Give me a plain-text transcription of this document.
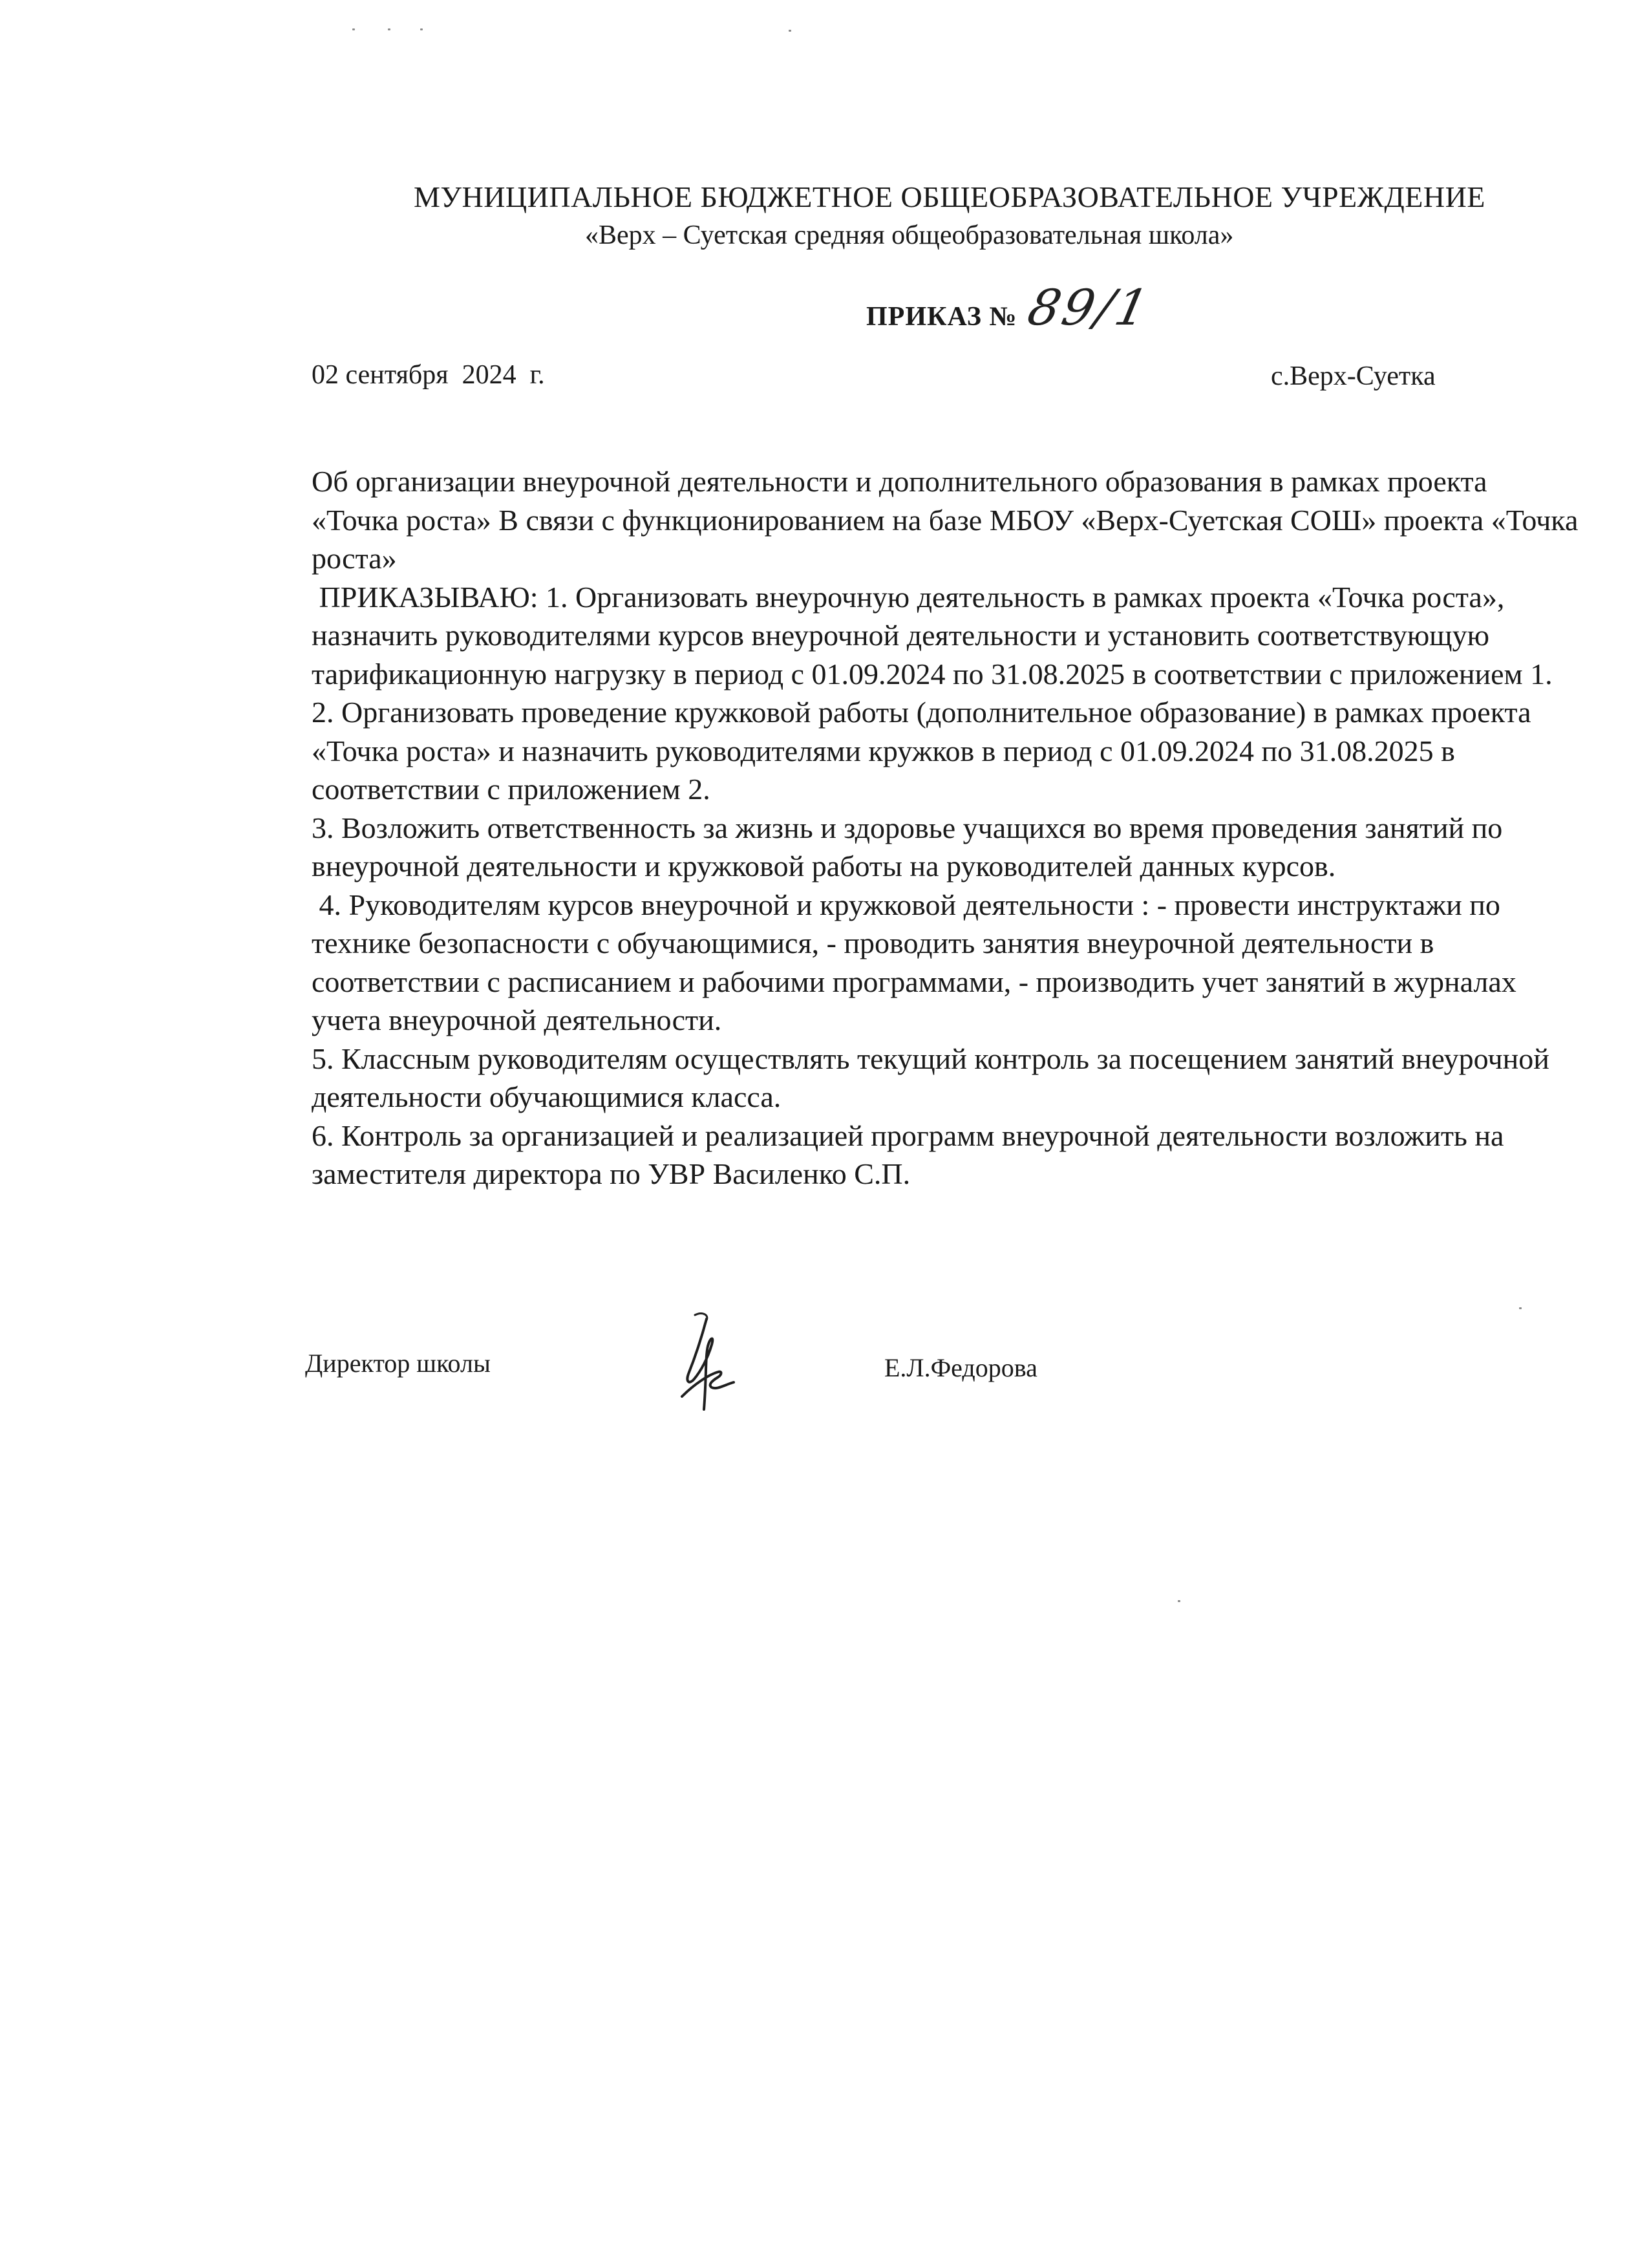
МУНИЦИПАЛЬНОЕ БЮДЖЕТНОЕ ОБЩЕОБРАЗОВАТЕЛЬНОЕ УЧРЕЖДЕНИЕ
«Верх – Суетская средняя общеобразовательная школа»
ПРИКАЗ № 89/1
02 сентября  2024  г.	с.Верх-Суетка

Об организации внеурочной деятельности и дополнительного образования в рамках проекта «Точка роста» В связи с функционированием на базе МБОУ «Верх-Суетская СОШ» проекта «Точка роста»

ПРИКАЗЫВАЮ: 1. Организовать внеурочную деятельность в рамках проекта «Точка роста», назначить руководителями курсов внеурочной деятельности и установить соответствующую тарификационную нагрузку в период с 01.09.2024 по 31.08.2025 в соответствии с приложением 1.

2. Организовать проведение кружковой работы (дополнительное образование) в рамках проекта «Точка роста» и назначить руководителями кружков в период с 01.09.2024 по 31.08.2025 в соответствии с приложением 2.

3. Возложить ответственность за жизнь и здоровье учащихся во время проведения занятий по внеурочной деятельности и кружковой работы на руководителей данных курсов.

4. Руководителям курсов внеурочной и кружковой деятельности : - провести инструктажи по технике безопасности с обучающимися, - проводить занятия внеурочной деятельности в соответствии с расписанием и рабочими программами, - производить учет занятий в журналах учета внеурочной деятельности.

5. Классным руководителям осуществлять текущий контроль за посещением занятий внеурочной деятельности обучающимися класса.

6. Контроль за организацией и реализацией программ внеурочной деятельности возложить на заместителя директора по УВР Василенко С.П.

Директор школы	Е.Л.Федорова
